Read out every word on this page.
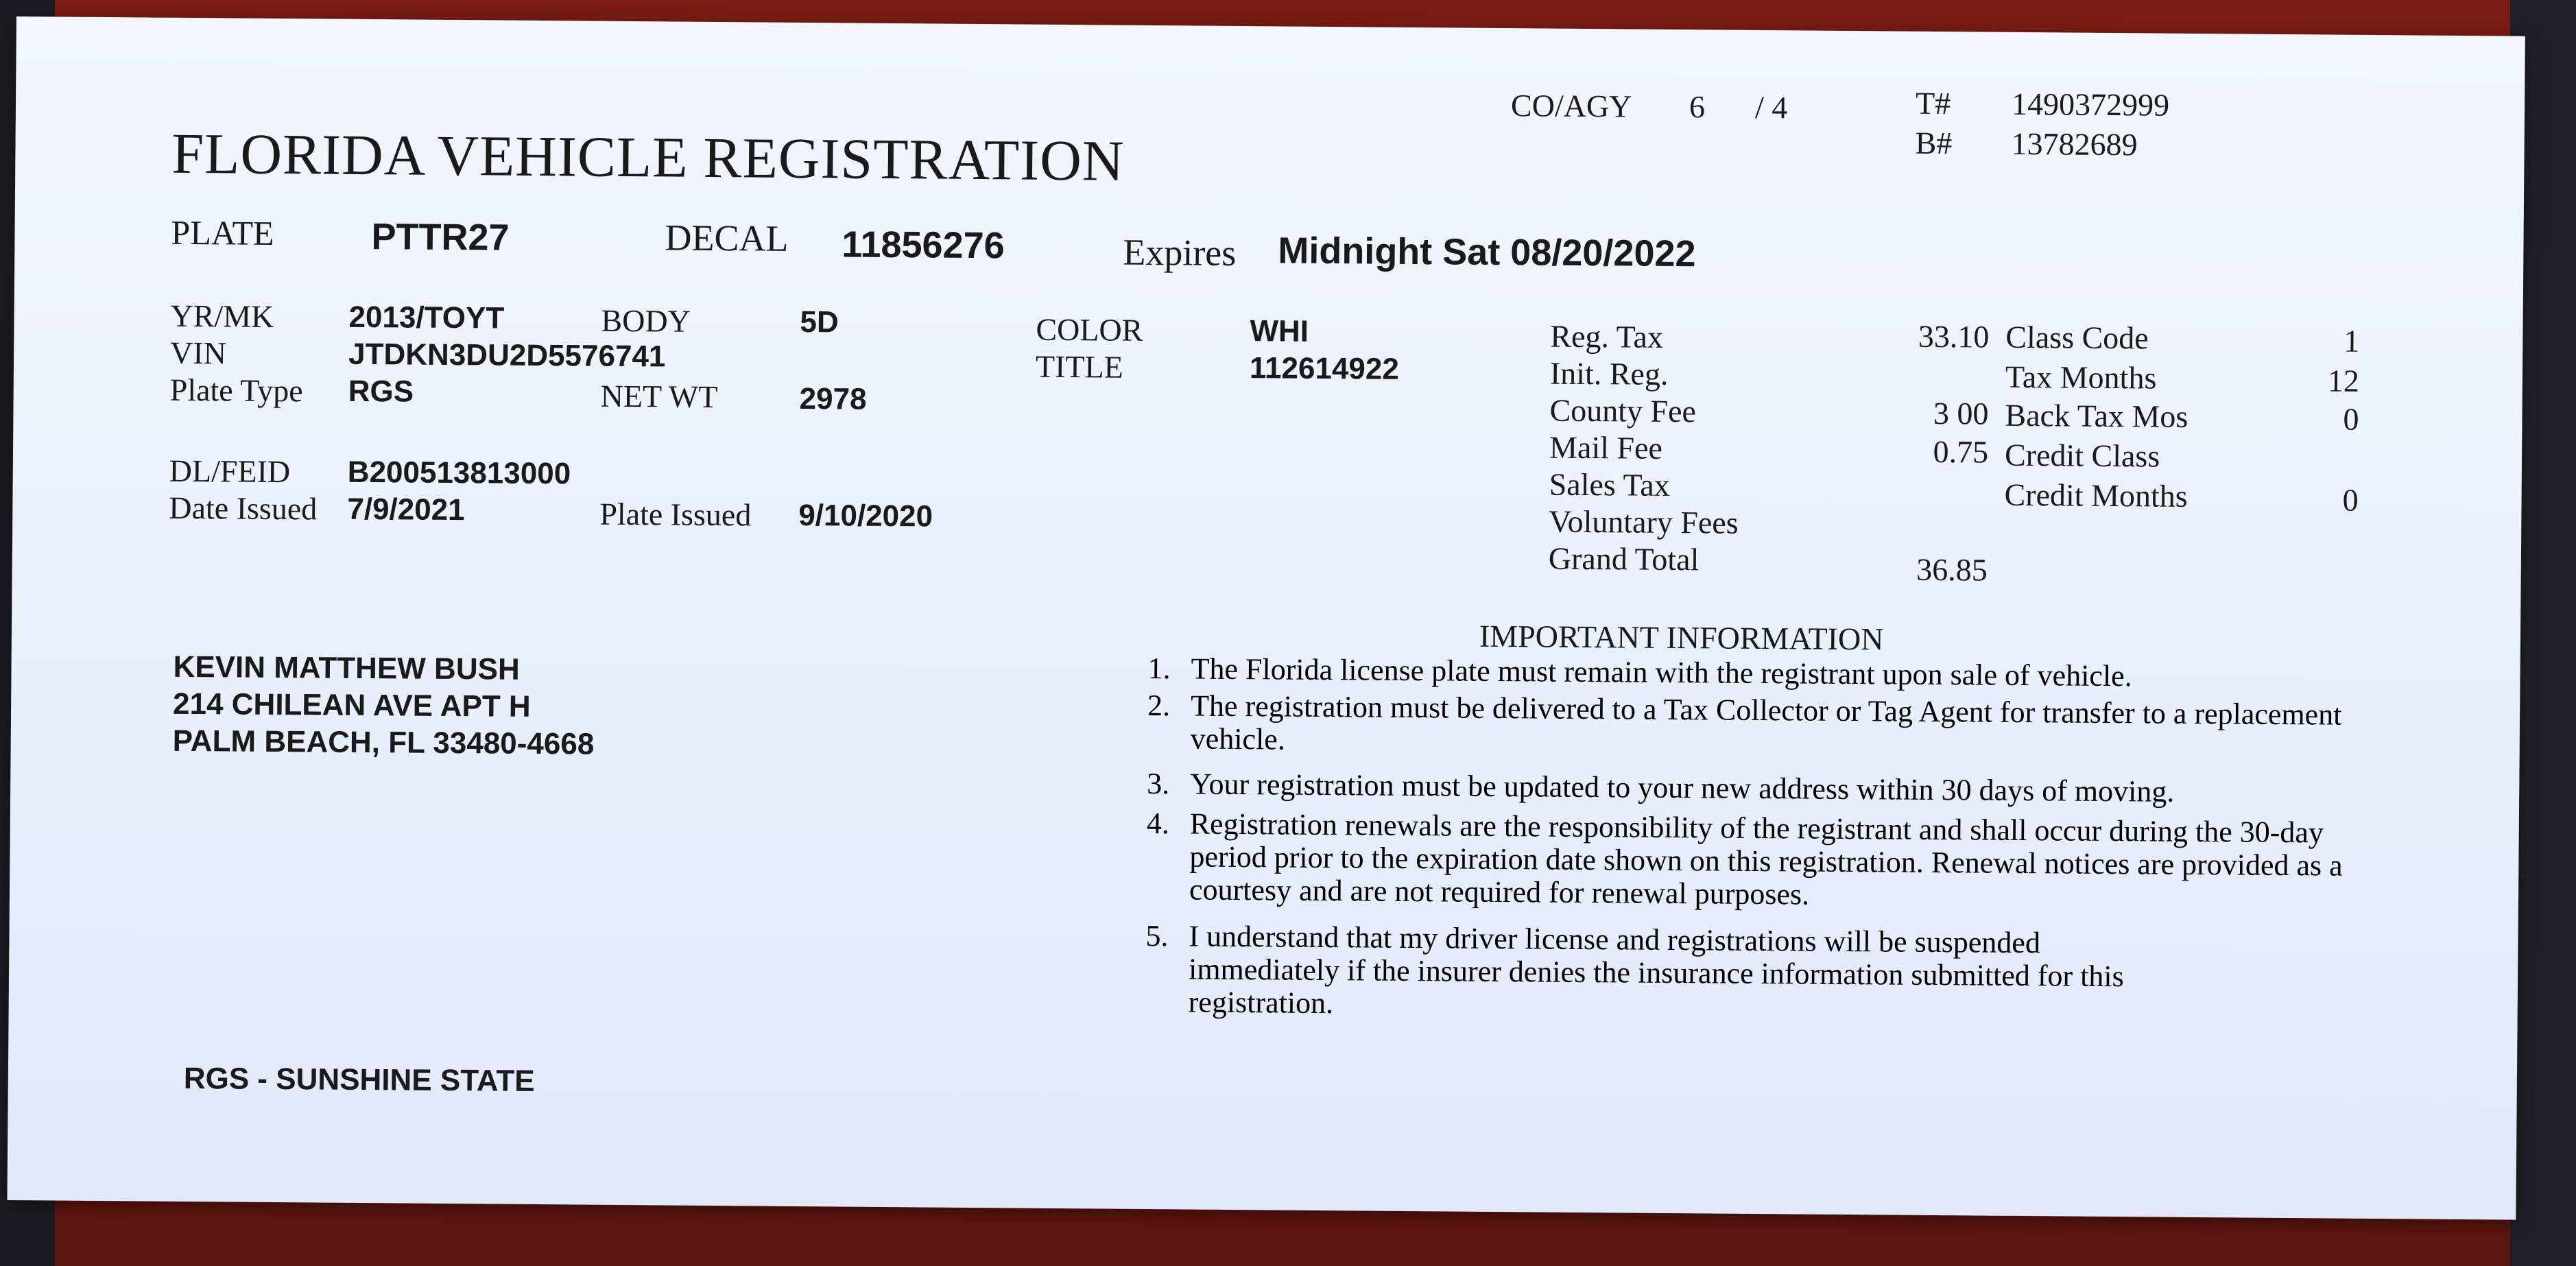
FLORIDA VEHICLE REGISTRATION
CO/AGY 6 / 4	T# 1490372999
B# 13782689
PLATE	PTTR27	DECAL 11856276	Expires Midnight Sat 08/20/2022
YR/MK 2013/TOYT	BODY	5D	COLOR	WHI
VIN	JTDKN3DU2D5576741	TITLE	112614922
Plate Type RGS	NET WT	2978
DL/FEID B200513813000
Date Issued 7/9/2021	Plate Issued 9/10/2020
Reg. Tax	33.10
Init. Reg.
County Fee	3 00
Mail Fee	0.75
Sales Tax
Voluntary Fees
Grand Total	36.85
Class Code	1
Tax Months	12
Back Tax Mos	0
Credit Class
Credit Months	0
KEVIN MATTHEW BUSH
214 CHILEAN AVE APT H
PALM BEACH, FL 33480-4668
IMPORTANT INFORMATION
1. The Florida license plate must remain with the registrant upon sale of vehicle.
2. The registration must be delivered to a Tax Collector or Tag Agent for transfer to a replacement vehicle.
3. Your registration must be updated to your new address within 30 days of moving.
4. Registration renewals are the responsibility of the registrant and shall occur during the 30-day period prior to the expiration date shown on this registration. Renewal notices are provided as a courtesy and are not required for renewal purposes.
5. I understand that my driver license and registrations will be suspended immediately if the insurer denies the insurance information submitted for this registration.
RGS - SUNSHINE STATE
